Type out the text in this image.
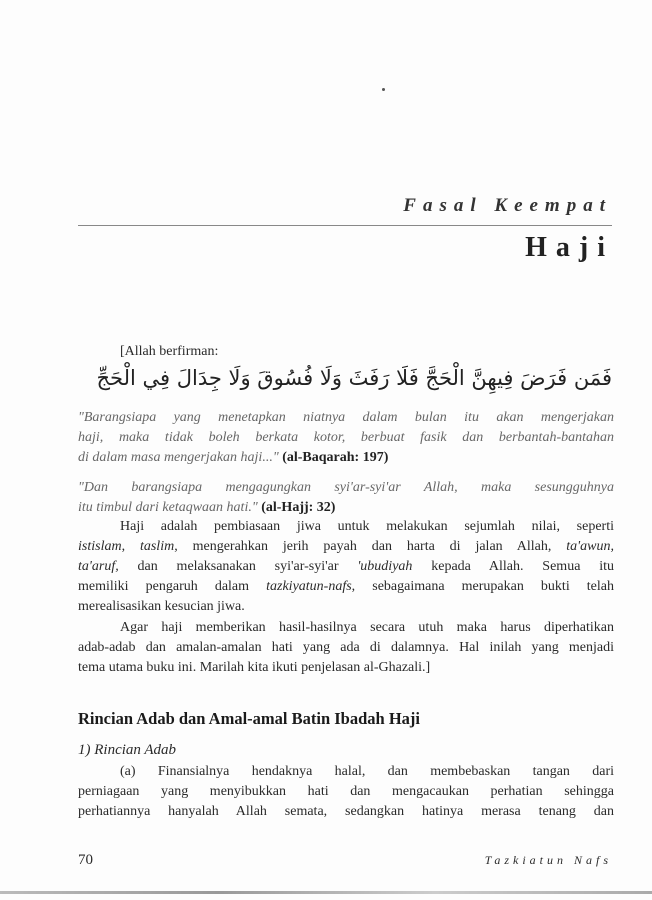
Fasal Keempat
Haji
[Allah berfirman:
فَمَن فَرَضَ فِيهِنَّ الْحَجَّ فَلَا رَفَثَ وَلَا فُسُوقَ وَلَا جِدَالَ فِي الْحَجِّ
"Barangsiapa yang menetapkan niatnya dalam bulan itu akan mengerjakan
haji, maka tidak boleh berkata kotor, berbuat fasik dan berbantah-bantahan
di dalam masa mengerjakan haji..." (al-Baqarah: 197)
"Dan barangsiapa mengagungkan syi'ar-syi'ar Allah, maka sesungguhnya
itu timbul dari ketaqwaan hati." (al-Hajj: 32)
Haji adalah pembiasaan jiwa untuk melakukan sejumlah nilai, seperti
istislam, taslim, mengerahkan jerih payah dan harta di jalan Allah, ta'awun,
ta'aruf, dan melaksanakan syi'ar-syi'ar 'ubudiyah kepada Allah. Semua itu
memiliki pengaruh dalam tazkiyatun-nafs, sebagaimana merupakan bukti telah
merealisasikan kesucian jiwa.
Agar haji memberikan hasil-hasilnya secara utuh maka harus diperhatikan
adab-adab dan amalan-amalan hati yang ada di dalamnya. Hal inilah yang menjadi
tema utama buku ini. Marilah kita ikuti penjelasan al-Ghazali.]
Rincian Adab dan Amal-amal Batin Ibadah Haji
1) Rincian Adab
(a) Finansialnya hendaknya halal, dan membebaskan tangan dari
perniagaan yang menyibukkan hati dan mengacaukan perhatian sehingga
perhatiannya hanyalah Allah semata, sedangkan hatinya merasa tenang dan
70	Tazkiatun Nafs
